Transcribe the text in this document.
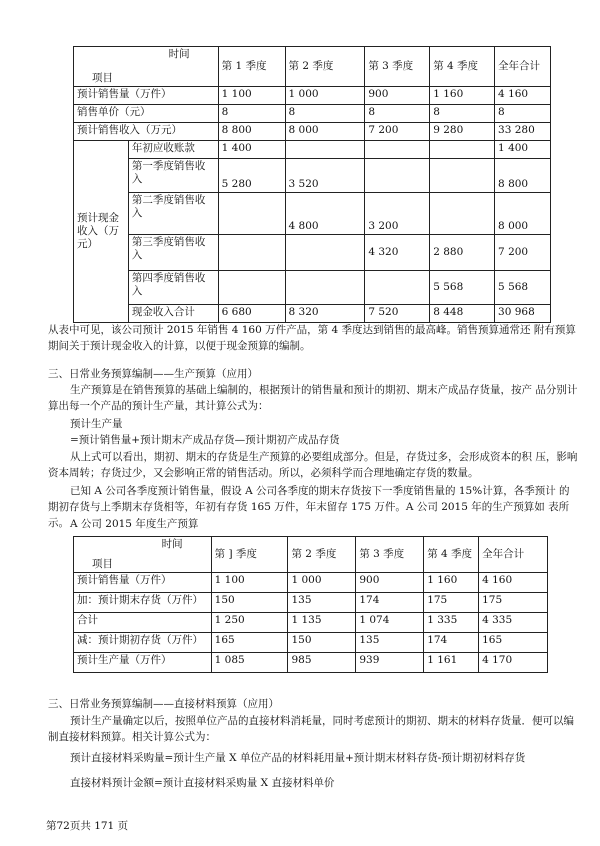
时间
项目		第 1 季度	第 2 季度	第 3 季度	第 4 季度	全年合计
预计销售量（万件）		1 100	1 000	900	1 160	4 160
销售单价（元）		8	8	8	8	8
预计销售收入（万元）		8 800	8 000	7 200	9 280	33 280
预计现金 收入（万 元）	年初应收账款	1 400				1 400
	第一季度销售收 入	5 280	3 520			8 800
	第二季度销售收 入		4 800	3 200		8 000
	第三季度销售收入			4 320	2 880	7 200
	第四季度销售收入				5 568	5 568
	现金收入合计	6 680	8 320	7 520	8 448	30 968

从表中可见，该公司预计 2015 年销售 4 160 万件产品，第 4 季度达到销售的最高峰。销售预算通常还 附有预算期间关于预计现金收入的计算，以便于现金预算的编制。

三、日常业务预算编制——生产预算（应用）

生产预算是在销售预算的基础上编制的，根据预计的销售量和预计的期初、期末产成品存货量，按产 品分别计算出每一个产品的预计生产量，其计算公式为：

预计生产量

=预计销售量+预计期末产成品存货—预计期初产成品存货

从上式可以看出，期初、期末的存货是生产预算的必要组成部分。但是，存货过多，会形成资本的积 压，影响资本周转；存货过少，又会影响正常的销售活动。所以，必须科学而合理地确定存货的数量。

已知 A 公司各季度预计销售量，假设 A 公司各季度的期末存货按下一季度销售量的 15%计算，各季预计 的期初存货与上季期末存货相等，年初有存货 165 万件，年末留存 175 万件。A 公司 2015 年的生产预算如 表所示。 A 公司 2015 年度生产预算

时间
项目	第 ] 季度	第 2 季度	第 3 季度	第 4 季度	全年合计
预计销售量（万件）	1 100	1 000	900	1 160	4 160
加：预计期末存货（万件）	150	135	174	175	175
合计	1 250	1 135	1 074	1 335	4 335
减：预计期初存货（万件）	165	150	135	174	165
预计生产量（万件）	1 085	985	939	1 161	4 170

三、日常业务预算编制——直接材料预算（应用）

预计生产量确定以后，按照单位产品的直接材料消耗量，同时考虑预计的期初、期末的材料存货量．便可以编制直接材料预算。相关计算公式为：

预计直接材料采购量=预计生产量 X 单位产品的材料耗用量+预计期末材料存货-预计期初材料存货

直接材料预计金额=预计直接材料采购量 X 直接材料单价

第72页共 171 页
